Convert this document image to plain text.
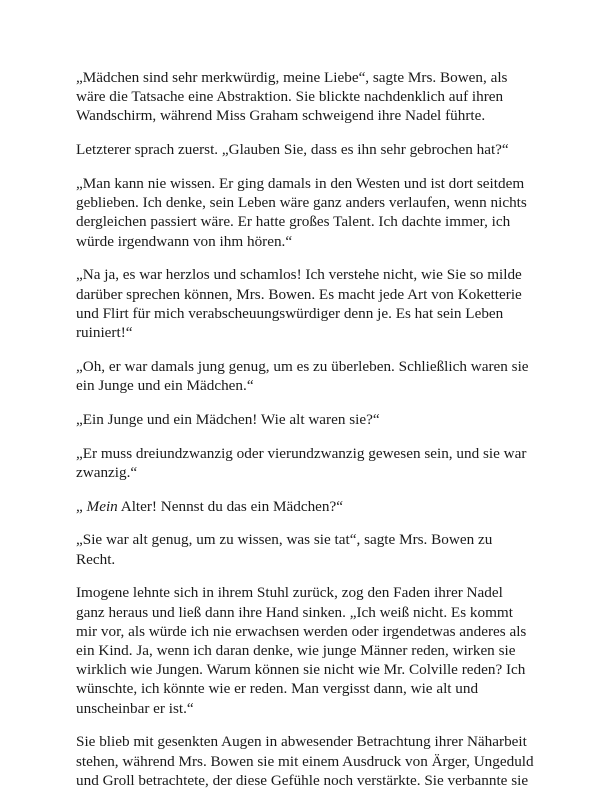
„Mädchen sind sehr merkwürdig, meine Liebe“, sagte Mrs. Bowen, als wäre die Tatsache eine Abstraktion. Sie blickte nachdenklich auf ihren Wandschirm, während Miss Graham schweigend ihre Nadel führte.

Letzterer sprach zuerst. „Glauben Sie, dass es ihn sehr gebrochen hat?“

„Man kann nie wissen. Er ging damals in den Westen und ist dort seitdem geblieben. Ich denke, sein Leben wäre ganz anders verlaufen, wenn nichts dergleichen passiert wäre. Er hatte großes Talent. Ich dachte immer, ich würde irgendwann von ihm hören.“

„Na ja, es war herzlos und schamlos! Ich verstehe nicht, wie Sie so milde darüber sprechen können, Mrs. Bowen. Es macht jede Art von Koketterie und Flirt für mich verabscheuungswürdiger denn je. Es hat sein Leben ruiniert!“

„Oh, er war damals jung genug, um es zu überleben. Schließlich waren sie ein Junge und ein Mädchen.“

„Ein Junge und ein Mädchen! Wie alt waren sie?“

„Er muss dreiundzwanzig oder vierundzwanzig gewesen sein, und sie war zwanzig.“

„ Mein Alter! Nennst du das ein Mädchen?“

„Sie war alt genug, um zu wissen, was sie tat“, sagte Mrs. Bowen zu Recht.

Imogene lehnte sich in ihrem Stuhl zurück, zog den Faden ihrer Nadel ganz heraus und ließ dann ihre Hand sinken. „Ich weiß nicht. Es kommt mir vor, als würde ich nie erwachsen werden oder irgendetwas anderes als ein Kind. Ja, wenn ich daran denke, wie junge Männer reden, wirken sie wirklich wie Jungen. Warum können sie nicht wie Mr. Colville reden? Ich wünschte, ich könnte wie er reden. Man vergisst dann, wie alt und unscheinbar er ist.“

Sie blieb mit gesenkten Augen in abwesender Betrachtung ihrer Näharbeit stehen, während Mrs. Bowen sie mit einem Ausdruck von Ärger, Ungeduld und Groll betrachtete, der diese Gefühle noch verstärkte. Sie verbannte sie
